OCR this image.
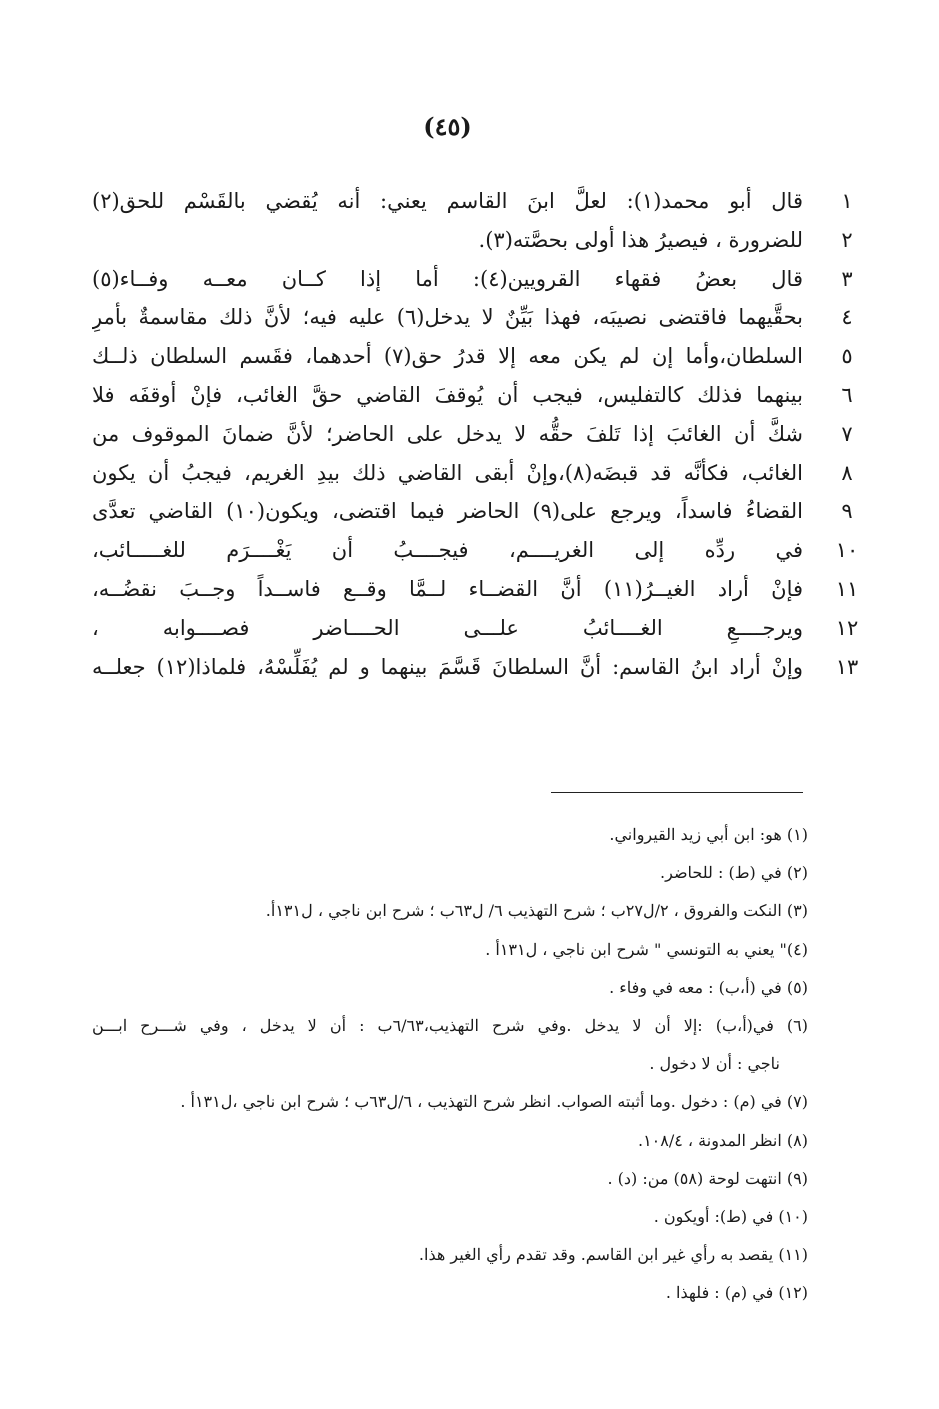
(٤٥)
١
قال أبو محمد(١): لعلَّ ابنَ القاسم يعني: أنه يُقضي بالقَسْم للحق(٢)
٢
للضرورة ، فيصيرُ هذا أولى بحصَّته(٣).
٣
قال بعضُ فقهاء القرويين(٤): أما إذا كــان معــه وفــاء(٥)
٤
بحقَّيهما فاقتضى نصيبَه، فهذا بَيِّنٌ لا يدخل(٦) عليه فيه؛ لأنَّ ذلك مقاسمةٌ بأمرِ
٥
السلطان،وأما إن لم يكن معه إلا قدرُ حق(٧) أحدهما، فقَسم السلطان ذلــك
٦
بينهما فذلك كالتفليس، فيجب أن يُوقفَ القاضي حقَّ الغائب، فإنْ أوقفَه فلا
٧
شكَّ أن الغائبَ إذا تَلفَ حقُّه لا يدخل على الحاضر؛ لأنَّ ضمانَ الموقوف من
٨
الغائب، فكأنَّه قد قبضَه(٨)،وإنْ أبقى القاضي ذلك بيدِ الغريم، فيجبُ أن يكون
٩
القضاءُ فاسداً، ويرجع على(٩) الحاضر فيما اقتضى، ويكون(١٠) القاضي تعدَّى
١٠
في ردِّه إلى الغريــــم، فيجــــبُ أن يَغْــــرَم للغـــــائب،
١١
فإنْ أراد الغيــرُ(١١) أنَّ القضــاء لــمَّا وقــع فاســداً وجــبَ نقضُــه،
١٢
ويرجــــعِ الغــــائبُ علـــى الحــــاضر فصــــوابه ،
١٣
وإنْ أراد ابنُ القاسم: أنَّ السلطانَ قَسَّمَ بينهما و لم يُفَلِّسْهُ، فلماذا(١٢) جعلــه
(١) هو: ابن أبي زيد القيرواني.
(٢) في (ط) : للحاضر.
(٣) النكت والفروق ، ٢/ل٢٧ب ؛ شرح التهذيب ٦/ ل٦٣ب ؛ شرح ابن ناجي ، ل١٣١أ.
(٤)" يعني به التونسي " شرح ابن ناجي ، ل١٣١أ .
(٥) في (أ،ب) : معه في وفاء .
(٦) في(أ،ب) :إلا أن لا يدخل .وفي شرح التهذيب،٦/٦٣ب : أن لا يدخل ، وفي شـــرح ابـــن
ناجي : أن لا دخول .
(٧) في (م) : دخول .وما أثبته الصواب. انظر شرح التهذيب ، ٦/ل٦٣ب ؛ شرح ابن ناجي ،ل١٣١أ .
(٨) انظر المدونة ، ١٠٨/٤.
(٩) انتهت لوحة (٥٨) من: (د) .
(١٠) في (ط): أويكون .
(١١) يقصد به رأي غير ابن القاسم. وقد تقدم رأي الغير هذا.
(١٢) في (م) : فلهذا .
